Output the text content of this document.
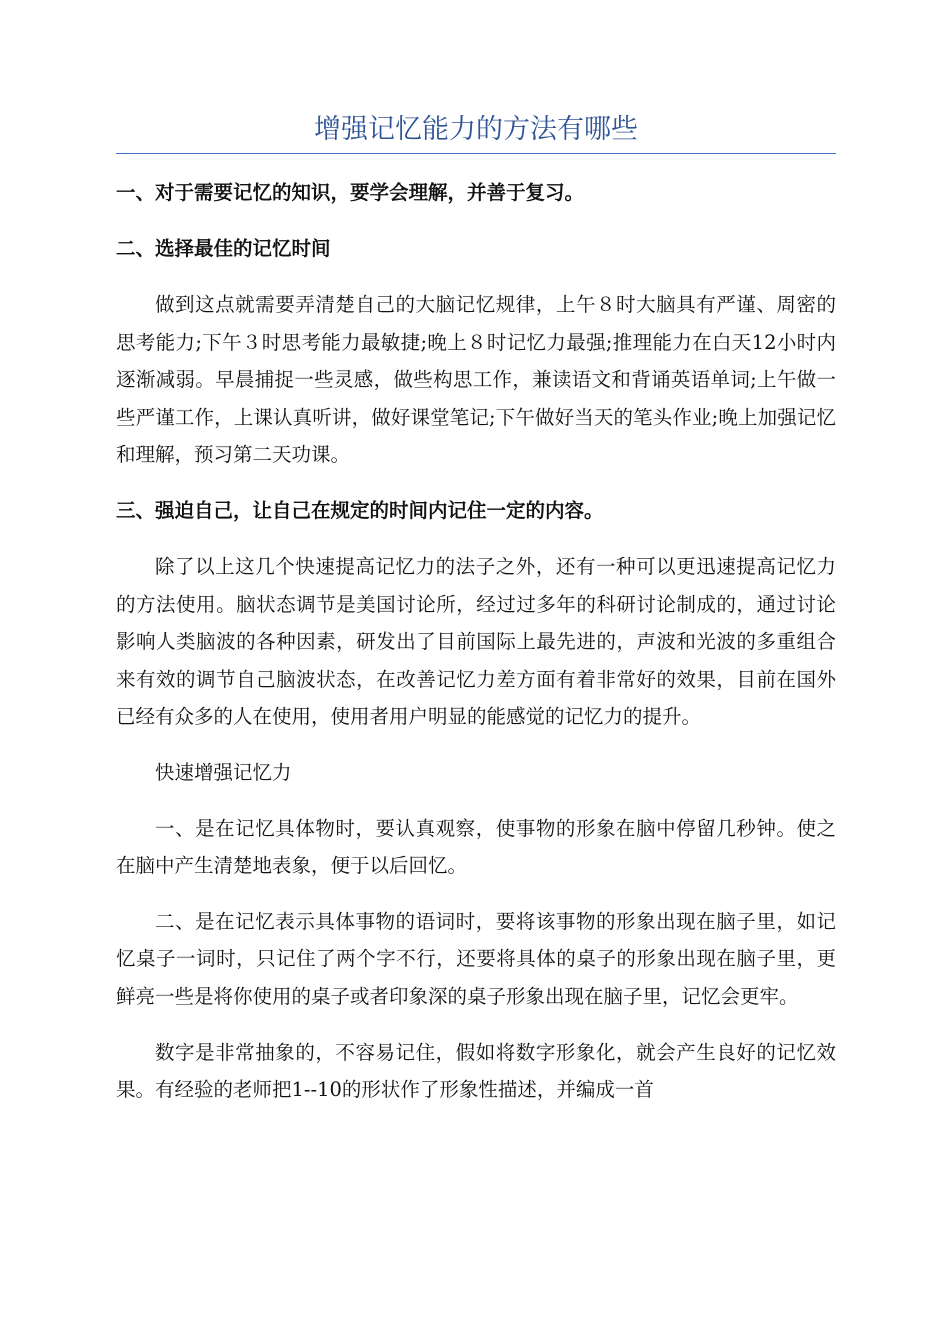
增强记忆能力的方法有哪些

一、对于需要记忆的知识，要学会理解，并善于复习。

二、选择最佳的记忆时间

做到这点就需要弄清楚自己的大脑记忆规律，上午８时大脑具有严谨、周密的思考能力;下午３时思考能力最敏捷;晚上８时记忆力最强;推理能力在白天12小时内逐渐减弱。早晨捕捉一些灵感，做些构思工作，兼读语文和背诵英语单词;上午做一些严谨工作，上课认真听讲，做好课堂笔记;下午做好当天的笔头作业;晚上加强记忆和理解，预习第二天功课。

三、强迫自己，让自己在规定的时间内记住一定的内容。

除了以上这几个快速提高记忆力的法子之外，还有一种可以更迅速提高记忆力的方法使用。脑状态调节是美国讨论所，经过过多年的科研讨论制成的，通过讨论影响人类脑波的各种因素，研发出了目前国际上最先进的，声波和光波的多重组合来有效的调节自己脑波状态，在改善记忆力差方面有着非常好的效果，目前在国外已经有众多的人在使用，使用者用户明显的能感觉的记忆力的提升。

快速增强记忆力

一、是在记忆具体物时，要认真观察，使事物的形象在脑中停留几秒钟。使之在脑中产生清楚地表象，便于以后回忆。

二、是在记忆表示具体事物的语词时，要将该事物的形象出现在脑子里，如记忆桌子一词时，只记住了两个字不行，还要将具体的桌子的形象出现在脑子里，更鲜亮一些是将你使用的桌子或者印象深的桌子形象出现在脑子里，记忆会更牢。

数字是非常抽象的，不容易记住，假如将数字形象化，就会产生良好的记忆效果。有经验的老师把1--10的形状作了形象性描述，并编成一首
